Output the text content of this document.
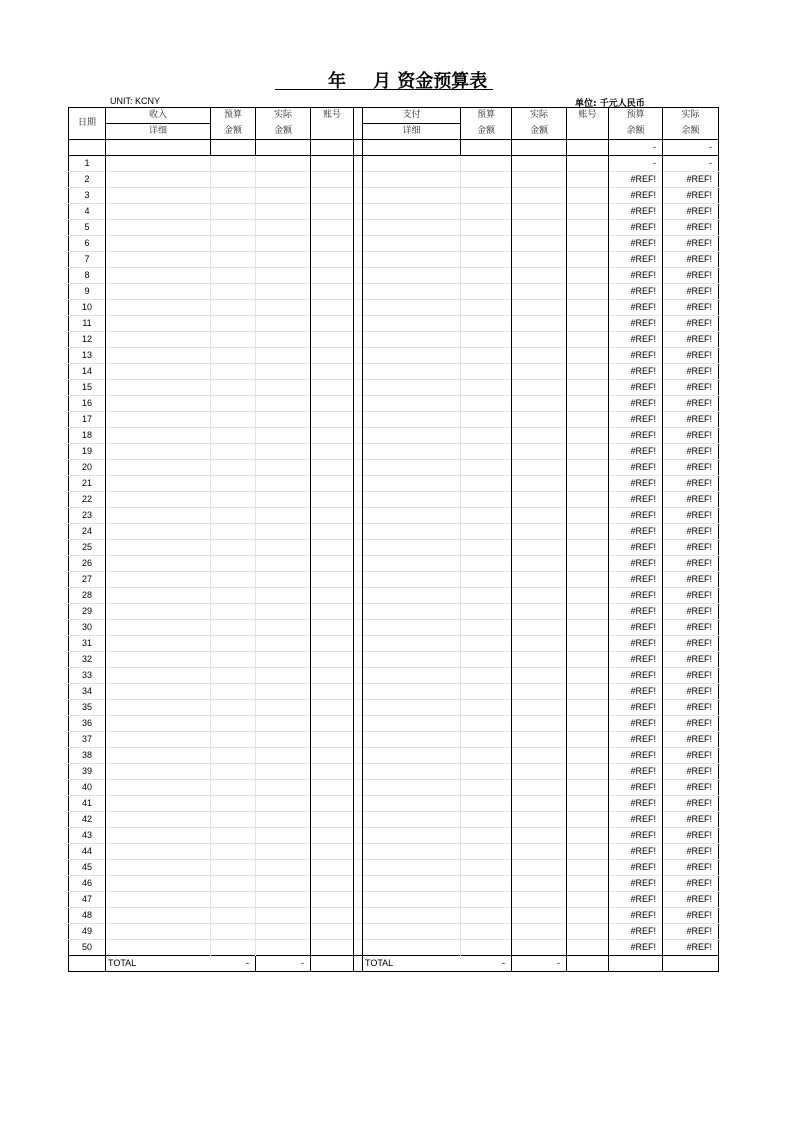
年 月 资金预算表
UNIT: KCNY	单位: 千元人民币
日期	收入	预算	实际	账号		支付	预算	实际	账号	预算	实际
	详细	金额	金额			详细	金额	金额		余额	余额
										-	-
1										-	-
2										#REF!	#REF!
3										#REF!	#REF!
4										#REF!	#REF!
5										#REF!	#REF!
6										#REF!	#REF!
7										#REF!	#REF!
8										#REF!	#REF!
9										#REF!	#REF!
10										#REF!	#REF!
11										#REF!	#REF!
12										#REF!	#REF!
13										#REF!	#REF!
14										#REF!	#REF!
15										#REF!	#REF!
16										#REF!	#REF!
17										#REF!	#REF!
18										#REF!	#REF!
19										#REF!	#REF!
20										#REF!	#REF!
21										#REF!	#REF!
22										#REF!	#REF!
23										#REF!	#REF!
24										#REF!	#REF!
25										#REF!	#REF!
26										#REF!	#REF!
27										#REF!	#REF!
28										#REF!	#REF!
29										#REF!	#REF!
30										#REF!	#REF!
31										#REF!	#REF!
32										#REF!	#REF!
33										#REF!	#REF!
34										#REF!	#REF!
35										#REF!	#REF!
36										#REF!	#REF!
37										#REF!	#REF!
38										#REF!	#REF!
39										#REF!	#REF!
40										#REF!	#REF!
41										#REF!	#REF!
42										#REF!	#REF!
43										#REF!	#REF!
44										#REF!	#REF!
45										#REF!	#REF!
46										#REF!	#REF!
47										#REF!	#REF!
48										#REF!	#REF!
49										#REF!	#REF!
50										#REF!	#REF!
	TOTAL	-	-			TOTAL	-	-			
